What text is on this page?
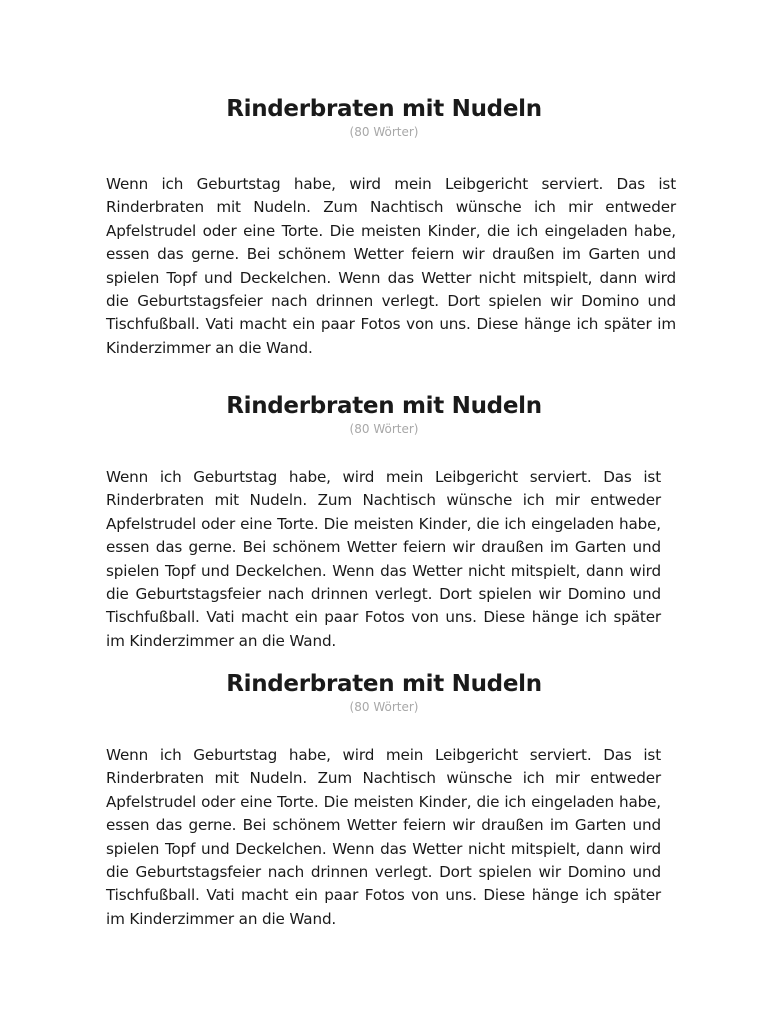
Rinderbraten mit Nudeln

(80 Wörter)

Wenn ich Geburtstag habe, wird mein Leibgericht serviert. Das ist Rinderbraten mit Nudeln. Zum Nachtisch wünsche ich mir entweder Apfelstrudel oder eine Torte. Die meisten Kinder, die ich eingeladen habe, essen das gerne. Bei schönem Wetter feiern wir draußen im Garten und spielen Topf und Deckelchen. Wenn das Wetter nicht mitspielt, dann wird die Geburtstagsfeier nach drinnen verlegt. Dort spielen wir Domino und Tischfußball. Vati macht ein paar Fotos von uns. Diese hänge ich später im Kinderzimmer an die Wand.

Rinderbraten mit Nudeln

(80 Wörter)

Wenn ich Geburtstag habe, wird mein Leibgericht serviert. Das ist Rinderbraten mit Nudeln. Zum Nachtisch wünsche ich mir entweder Apfelstrudel oder eine Torte. Die meisten Kinder, die ich eingeladen habe, essen das gerne. Bei schönem Wetter feiern wir draußen im Garten und spielen Topf und Deckelchen. Wenn das Wetter nicht mitspielt, dann wird die Geburtstagsfeier nach drinnen verlegt. Dort spielen wir Domino und Tischfußball. Vati macht ein paar Fotos von uns. Diese hänge ich später im Kinderzimmer an die Wand.

Rinderbraten mit Nudeln

(80 Wörter)

Wenn ich Geburtstag habe, wird mein Leibgericht serviert. Das ist Rinderbraten mit Nudeln. Zum Nachtisch wünsche ich mir entweder Apfelstrudel oder eine Torte. Die meisten Kinder, die ich eingeladen habe, essen das gerne. Bei schönem Wetter feiern wir draußen im Garten und spielen Topf und Deckelchen. Wenn das Wetter nicht mitspielt, dann wird die Geburtstagsfeier nach drinnen verlegt. Dort spielen wir Domino und Tischfußball. Vati macht ein paar Fotos von uns. Diese hänge ich später im Kinderzimmer an die Wand.
